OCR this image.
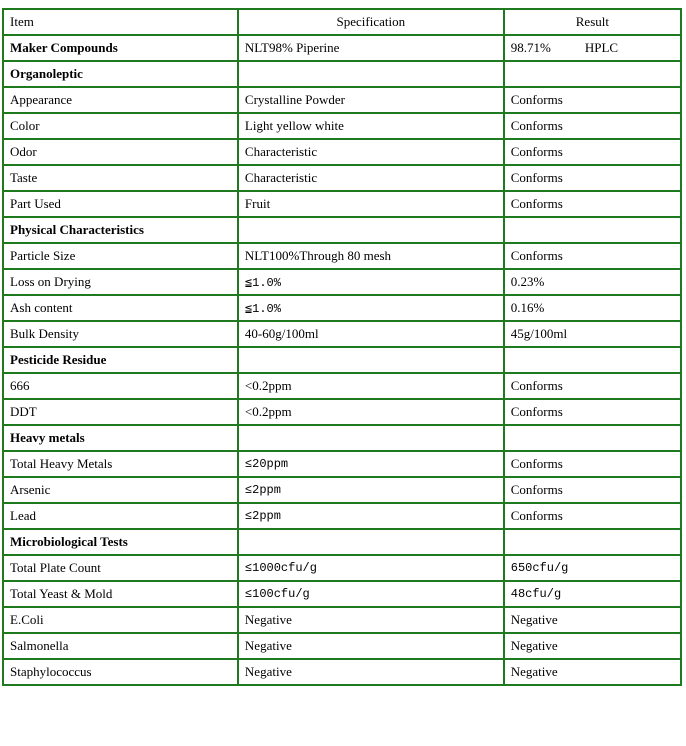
Item	Specification	Result
Maker Compounds	NLT98% Piperine	98.71% HPLC
Organoleptic		
Appearance	Crystalline Powder	Conforms
Color	Light yellow white	Conforms
Odor	Characteristic	Conforms
Taste	Characteristic	Conforms
Part Used	Fruit	Conforms
Physical Characteristics		
Particle Size	NLT100%Through 80 mesh	Conforms
Loss on Drying	≦1.0%	0.23%
Ash content	≦1.0%	0.16%
Bulk Density	40-60g/100ml	45g/100ml
Pesticide Residue		
666	<0.2ppm	Conforms
DDT	<0.2ppm	Conforms
Heavy metals		
Total Heavy Metals	≤20ppm	Conforms
Arsenic	≤2ppm	Conforms
Lead	≤2ppm	Conforms
Microbiological Tests		
Total Plate Count	≤1000cfu/g	650cfu/g
Total Yeast & Mold	≤100cfu/g	48cfu/g
E.Coli	Negative	Negative
Salmonella	Negative	Negative
Staphylococcus	Negative	Negative
